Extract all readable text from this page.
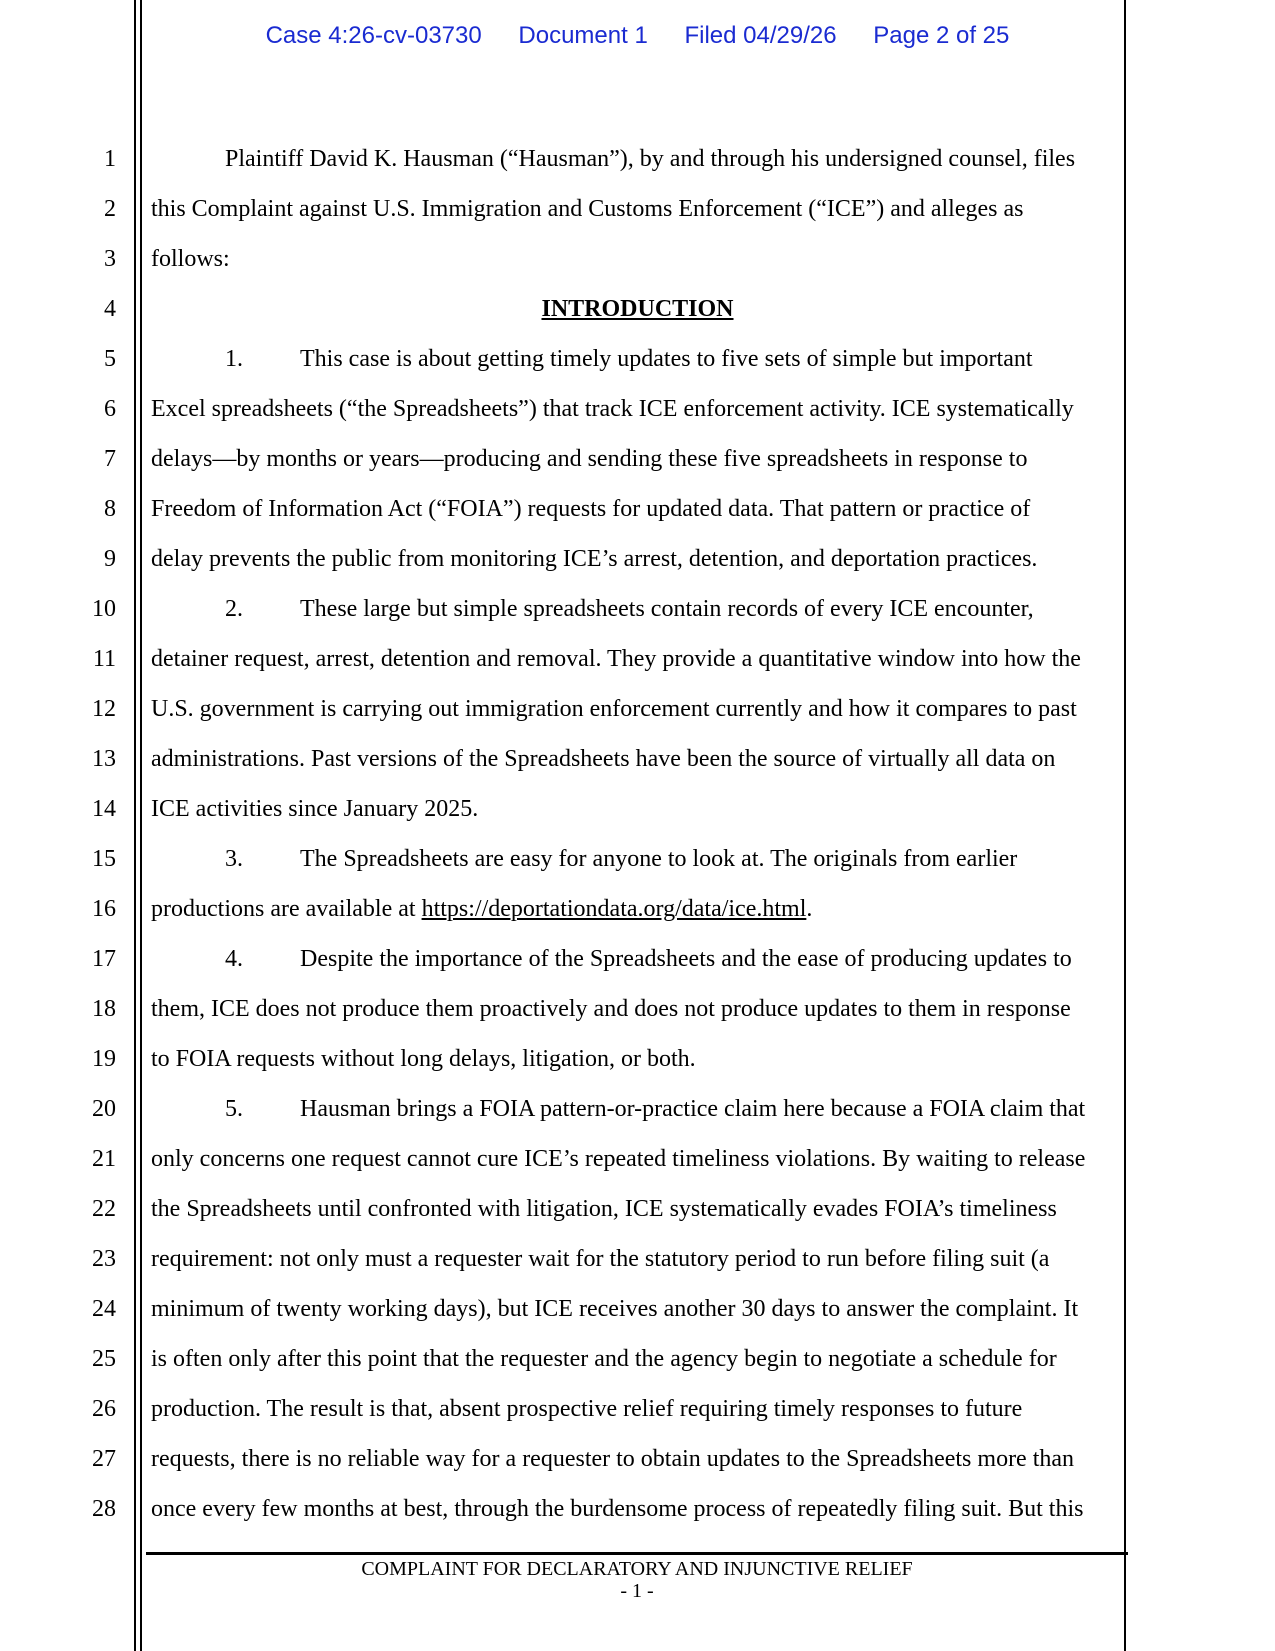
Case 4:26-cv-03730 Document 1 Filed 04/29/26 Page 2 of 25
1
2
3
4
5
6
7
8
9
10
11
12
13
14
15
16
17
18
19
20
21
22
23
24
25
26
27
28
Plaintiff David K. Hausman (“Hausman”), by and through his undersigned counsel, files
this Complaint against U.S. Immigration and Customs Enforcement (“ICE”) and alleges as
follows:
INTRODUCTION
1. This case is about getting timely updates to five sets of simple but important
Excel spreadsheets (“the Spreadsheets”) that track ICE enforcement activity. ICE systematically
delays—by months or years—producing and sending these five spreadsheets in response to
Freedom of Information Act (“FOIA”) requests for updated data. That pattern or practice of
delay prevents the public from monitoring ICE’s arrest, detention, and deportation practices.
2. These large but simple spreadsheets contain records of every ICE encounter,
detainer request, arrest, detention and removal. They provide a quantitative window into how the
U.S. government is carrying out immigration enforcement currently and how it compares to past
administrations. Past versions of the Spreadsheets have been the source of virtually all data on
ICE activities since January 2025.
3. The Spreadsheets are easy for anyone to look at. The originals from earlier
productions are available at https://deportationdata.org/data/ice.html.
4. Despite the importance of the Spreadsheets and the ease of producing updates to
them, ICE does not produce them proactively and does not produce updates to them in response
to FOIA requests without long delays, litigation, or both.
5. Hausman brings a FOIA pattern-or-practice claim here because a FOIA claim that
only concerns one request cannot cure ICE’s repeated timeliness violations. By waiting to release
the Spreadsheets until confronted with litigation, ICE systematically evades FOIA’s timeliness
requirement: not only must a requester wait for the statutory period to run before filing suit (a
minimum of twenty working days), but ICE receives another 30 days to answer the complaint. It
is often only after this point that the requester and the agency begin to negotiate a schedule for
production. The result is that, absent prospective relief requiring timely responses to future
requests, there is no reliable way for a requester to obtain updates to the Spreadsheets more than
once every few months at best, through the burdensome process of repeatedly filing suit. But this
COMPLAINT FOR DECLARATORY AND INJUNCTIVE RELIEF
- 1 -
